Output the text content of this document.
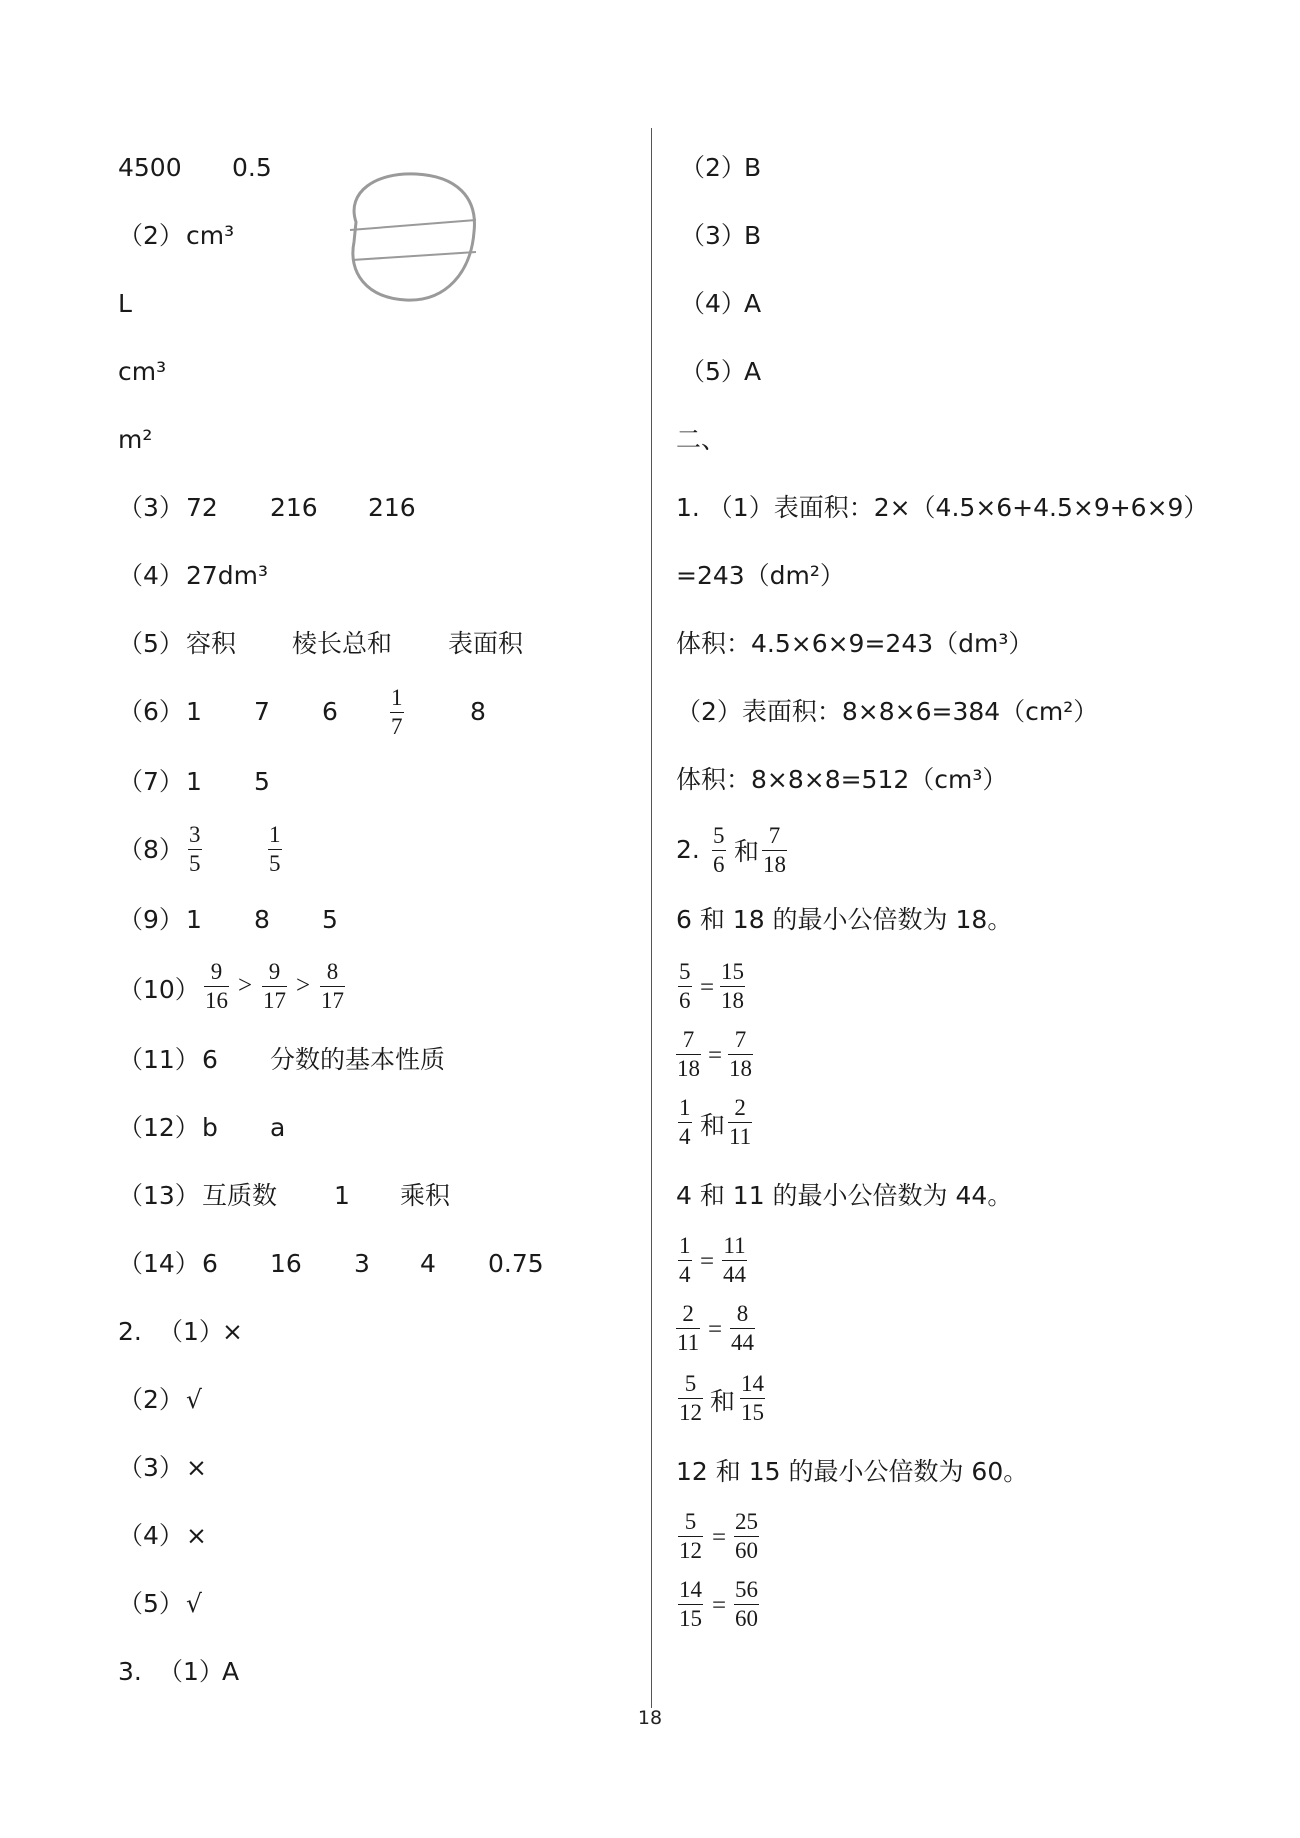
4500 0.5
（2） cm³
L
cm³
m²
（3） 72 216 216
（4） 27dm³
（5） 容积 棱长总和 表面积
（6） 1 7 6	8
$\frac{1}{7}$
（7） 1 5
$(8) \frac{3}{5}$	$\frac{1}{5}$
（9） 1 8 5
$(10) \frac{9}{16} > \frac{9}{17} > \frac{8}{17}$
（11） 6 分数的基本性质
（12） b a
（13） 互质数 1 乘积
（14） 6 16 3 4 0.75
2. （1）
×
（2） √
（3） ×
（4） ×
（5） √
3. （1）
A
（2）
B
（3）
B
（4）
A
（5）
A
二、
1. （1）表面积：2×（4.5×6+4.5×9+6×9）
=243（dm²）
体积：4.5×6×9=243（dm³）
（2）表面积：8×8×6=384（cm²）
体积：8×8×8=512（cm³）
2. $\frac{5}{6}$ 和 $\frac{7}{18}$
6 和 18 的最小公倍数为 18。
$\frac{5}{6} = \frac{15}{18}$
$\frac{7}{18} = \frac{7}{18}$
$\frac{1}{4}$ 和 $\frac{2}{11}$
4 和 11 的最小公倍数为 44。
$\frac{1}{4} = \frac{11}{44}$
$\frac{2}{11} = \frac{8}{44}$
$\frac{5}{12}$ 和 $\frac{14}{15}$
12 和 15 的最小公倍数为 60。
$\frac{5}{12} = \frac{25}{60}$
$\frac{14}{15} = \frac{56}{60}$
18
